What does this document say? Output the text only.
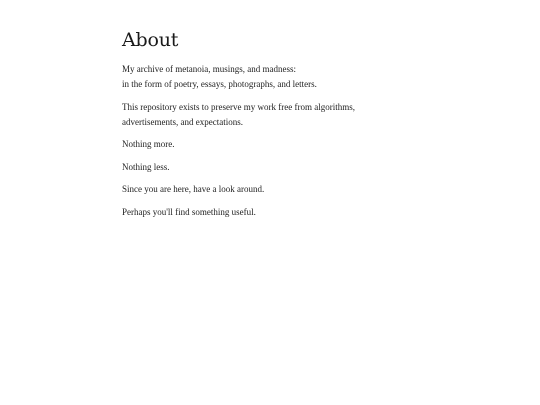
About

My archive of metanoia, musings, and madness:
in the form of poetry, essays, photographs, and letters.

This repository exists to preserve my work free from algorithms,
advertisements, and expectations.

Nothing more.

Nothing less.

Since you are here, have a look around.

Perhaps you'll find something useful.
